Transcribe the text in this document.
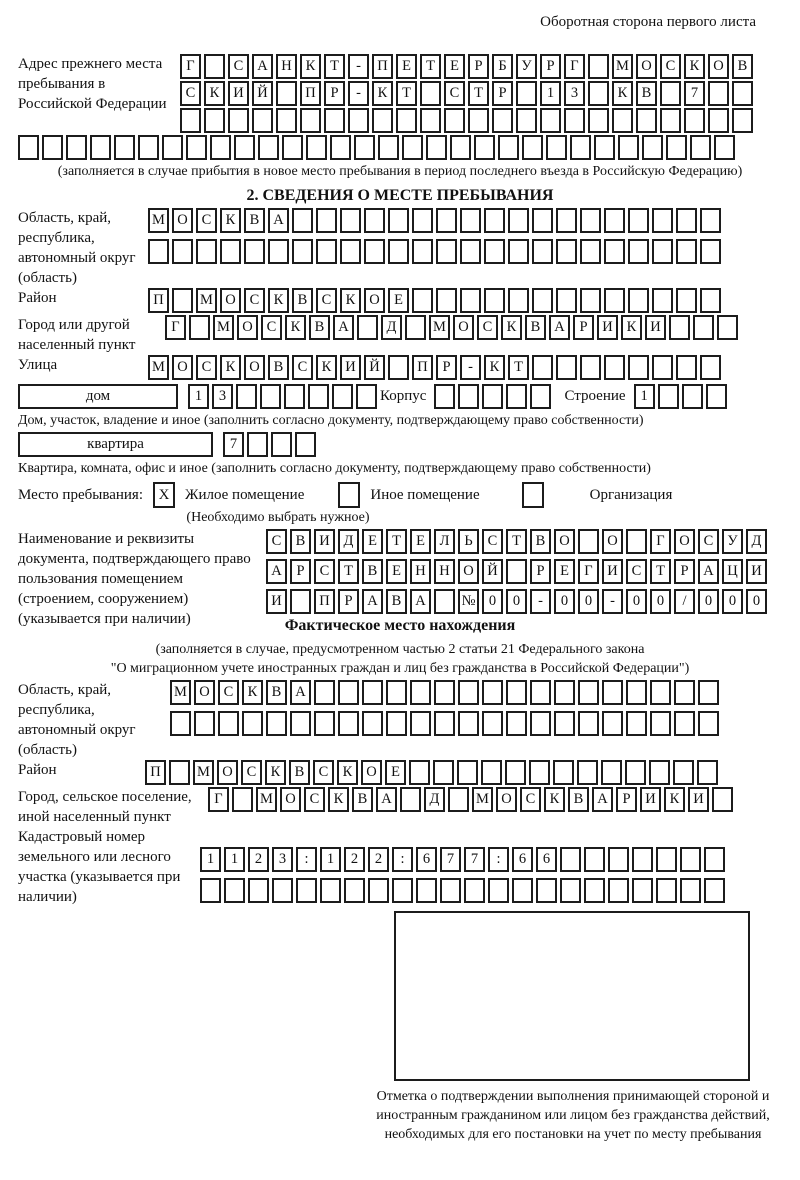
Оборотная сторона первого листа
Адрес прежнего места пребывания в Российской Федерации
Г	С А Н К Т - П Е Т Е Р Б У Р Г	М О С К О В
С К И Й	П Р - К Т	С Т Р	1 3	К В	7
(заполняется в случае прибытия в новое место пребывания в период последнего въезда в Российскую Федерацию)
2. СВЕДЕНИЯ О МЕСТЕ ПРЕБЫВАНИЯ
Область, край, республика, автономный округ (область)
М О С К В А
Район	П	М О С К В С К О Е
Город или другой населенный пункт
Г	М О С К В А	Д	М О С К В А Р И К И
Улица	М О С К О В С К И Й	П Р - К Т
дом	1 3	Корпус	Строение	1
Дом, участок, владение и иное (заполнить согласно документу, подтверждающему право собственности)
квартира	7
Квартира, комната, офис и иное (заполнить согласно документу, подтверждающему право собственности)
Место пребывания:	X	Жилое помещение	Иное помещение	Организация
(Необходимо выбрать нужное)
Наименование и реквизиты документа, подтверждающего право пользования помещением (строением, сооружением) (указывается при наличии)
С В И Д Е Т Е Л Ь С Т В О	О	Г О С У Д
А Р С Т В Е Н Н О Й	Р Е Г И С Т Р А Ц И
И	П Р А В А № 0 0 - 0 0 - 0 0 / 0 0 0
Фактическое место нахождения
(заполняется в случае, предусмотренном частью 2 статьи 21 Федерального закона
"О миграционном учете иностранных граждан и лиц без гражданства в Российской Федерации")
Область, край, республика, автономный округ (область)
М О С К В А
Район	П	М О С К В С К О Е
Город, сельское поселение, иной населенный пункт
Г	М О С К В А	Д	М О С К В А Р И К И
Кадастровый номер земельного или лесного участка (указывается при наличии)
1 1 2 3 : 1 2 2 : 6 7 7 : 6 6
Отметка о подтверждении выполнения принимающей стороной и иностранным гражданином или лицом без гражданства действий, необходимых для его постановки на учет по месту пребывания
